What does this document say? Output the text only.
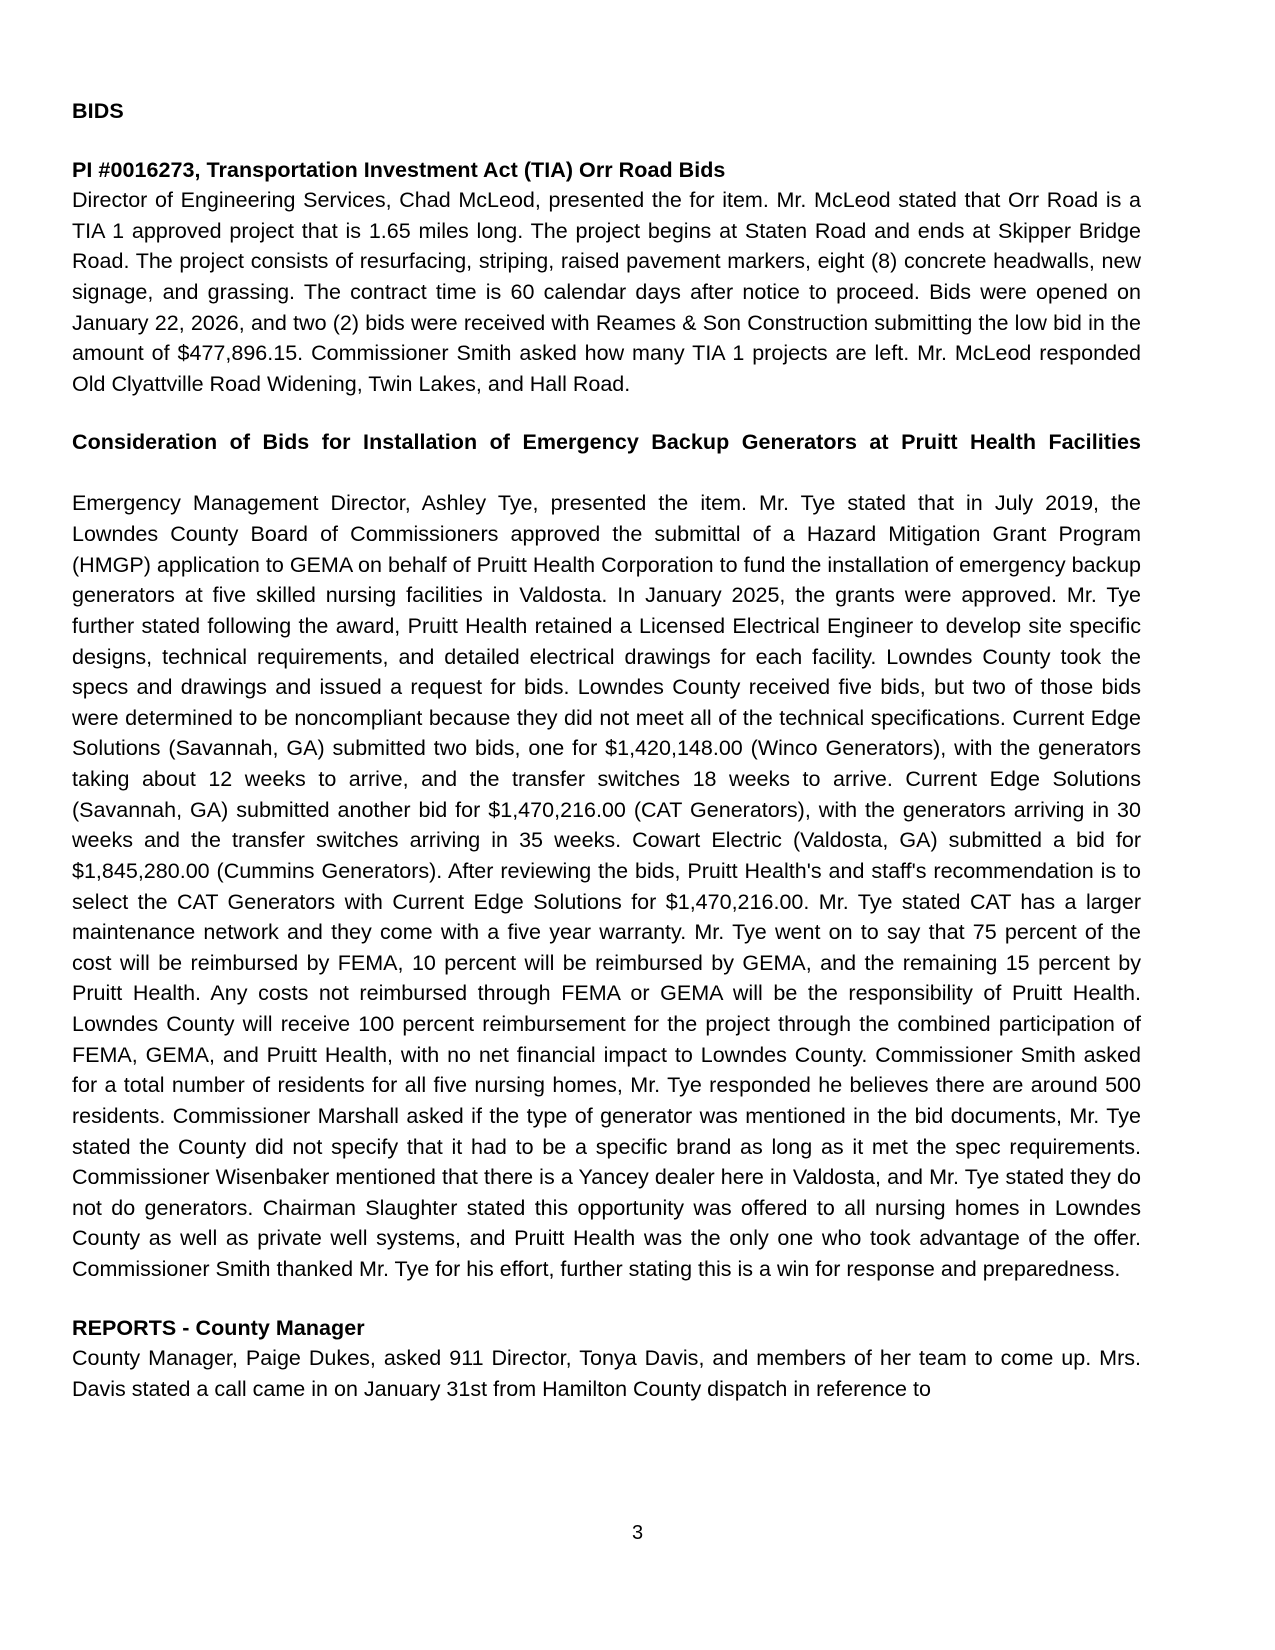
BIDS
PI #0016273, Transportation Investment Act (TIA) Orr Road Bids

Director of Engineering Services, Chad McLeod, presented the for item. Mr. McLeod stated that Orr Road is a TIA 1 approved project that is 1.65 miles long. The project begins at Staten Road and ends at Skipper Bridge Road. The project consists of resurfacing, striping, raised pavement markers, eight (8) concrete headwalls, new signage, and grassing. The contract time is 60 calendar days after notice to proceed. Bids were opened on January 22, 2026, and two (2) bids were received with Reames & Son Construction submitting the low bid in the amount of $477,896.15. Commissioner Smith asked how many TIA 1 projects are left. Mr. McLeod responded Old Clyattville Road Widening, Twin Lakes, and Hall Road.

Consideration of Bids for Installation of Emergency Backup Generators at Pruitt Health Facilities

Emergency Management Director, Ashley Tye, presented the item. Mr. Tye stated that in July 2019, the Lowndes County Board of Commissioners approved the submittal of a Hazard Mitigation Grant Program (HMGP) application to GEMA on behalf of Pruitt Health Corporation to fund the installation of emergency backup generators at five skilled nursing facilities in Valdosta. In January 2025, the grants were approved. Mr. Tye further stated following the award, Pruitt Health retained a Licensed Electrical Engineer to develop site specific designs, technical requirements, and detailed electrical drawings for each facility. Lowndes County took the specs and drawings and issued a request for bids. Lowndes County received five bids, but two of those bids were determined to be noncompliant because they did not meet all of the technical specifications. Current Edge Solutions (Savannah, GA) submitted two bids, one for $1,420,148.00 (Winco Generators), with the generators taking about 12 weeks to arrive, and the transfer switches 18 weeks to arrive. Current Edge Solutions (Savannah, GA) submitted another bid for $1,470,216.00 (CAT Generators), with the generators arriving in 30 weeks and the transfer switches arriving in 35 weeks. Cowart Electric (Valdosta, GA) submitted a bid for $1,845,280.00 (Cummins Generators). After reviewing the bids, Pruitt Health's and staff's recommendation is to select the CAT Generators with Current Edge Solutions for $1,470,216.00. Mr. Tye stated CAT has a larger maintenance network and they come with a five year warranty. Mr. Tye went on to say that 75 percent of the cost will be reimbursed by FEMA, 10 percent will be reimbursed by GEMA, and the remaining 15 percent by Pruitt Health. Any costs not reimbursed through FEMA or GEMA will be the responsibility of Pruitt Health. Lowndes County will receive 100 percent reimbursement for the project through the combined participation of FEMA, GEMA, and Pruitt Health, with no net financial impact to Lowndes County. Commissioner Smith asked for a total number of residents for all five nursing homes, Mr. Tye responded he believes there are around 500 residents. Commissioner Marshall asked if the type of generator was mentioned in the bid documents, Mr. Tye stated the County did not specify that it had to be a specific brand as long as it met the spec requirements. Commissioner Wisenbaker mentioned that there is a Yancey dealer here in Valdosta, and Mr. Tye stated they do not do generators. Chairman Slaughter stated this opportunity was offered to all nursing homes in Lowndes County as well as private well systems, and Pruitt Health was the only one who took advantage of the offer. Commissioner Smith thanked Mr. Tye for his effort, further stating this is a win for response and preparedness.

REPORTS - County Manager

County Manager, Paige Dukes, asked 911 Director, Tonya Davis, and members of her team to come up. Mrs. Davis stated a call came in on January 31st from Hamilton County dispatch in reference to

3
